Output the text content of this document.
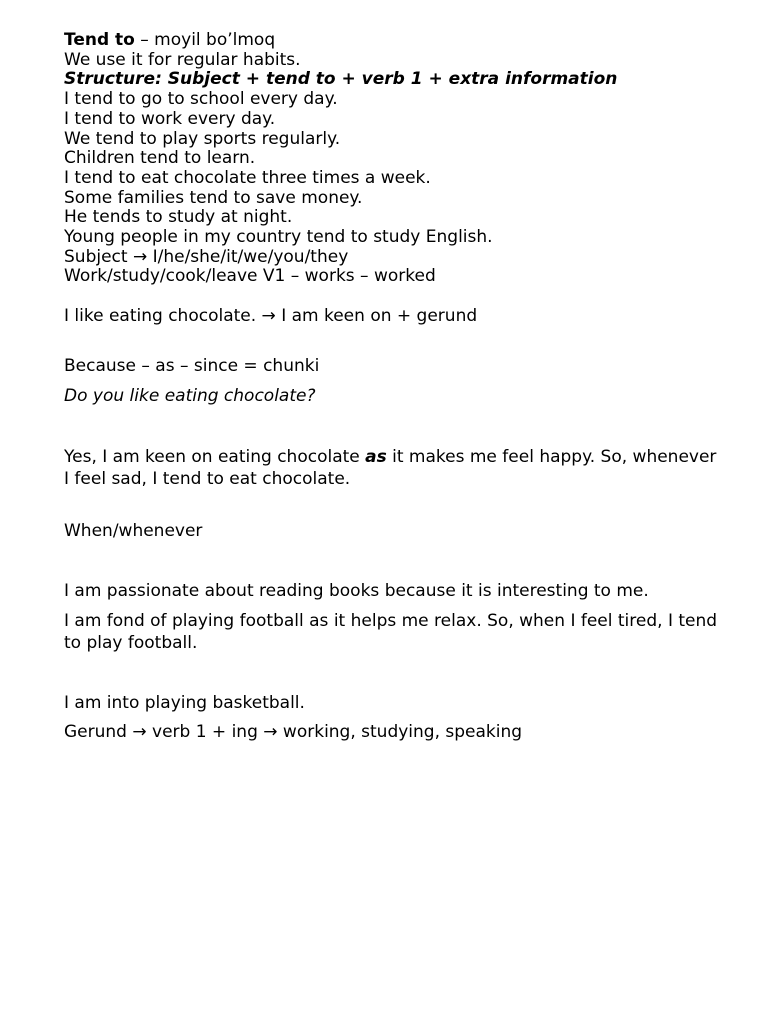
Tend to – moyil bo’lmoq
We use it for regular habits.
Structure: Subject + tend to + verb 1 + extra information
I tend to go to school every day.
I tend to work every day.
We tend to play sports regularly.
Children tend to learn.
I tend to eat chocolate three times a week.
Some families tend to save money.
He tends to study at night.
Young people in my country tend to study English.
Subject → I/he/she/it/we/you/they
Work/study/cook/leave V1 – works – worked
I like eating chocolate. → I am keen on + gerund
Because – as – since = chunki
Do you like eating chocolate?
Yes, I am keen on eating chocolate as it makes me feel happy. So, whenever I feel sad, I tend to eat chocolate.
When/whenever
I am passionate about reading books because it is interesting to me.
I am fond of playing football as it helps me relax. So, when I feel tired, I tend to play football.
I am into playing basketball.
Gerund → verb 1 + ing → working, studying, speaking
